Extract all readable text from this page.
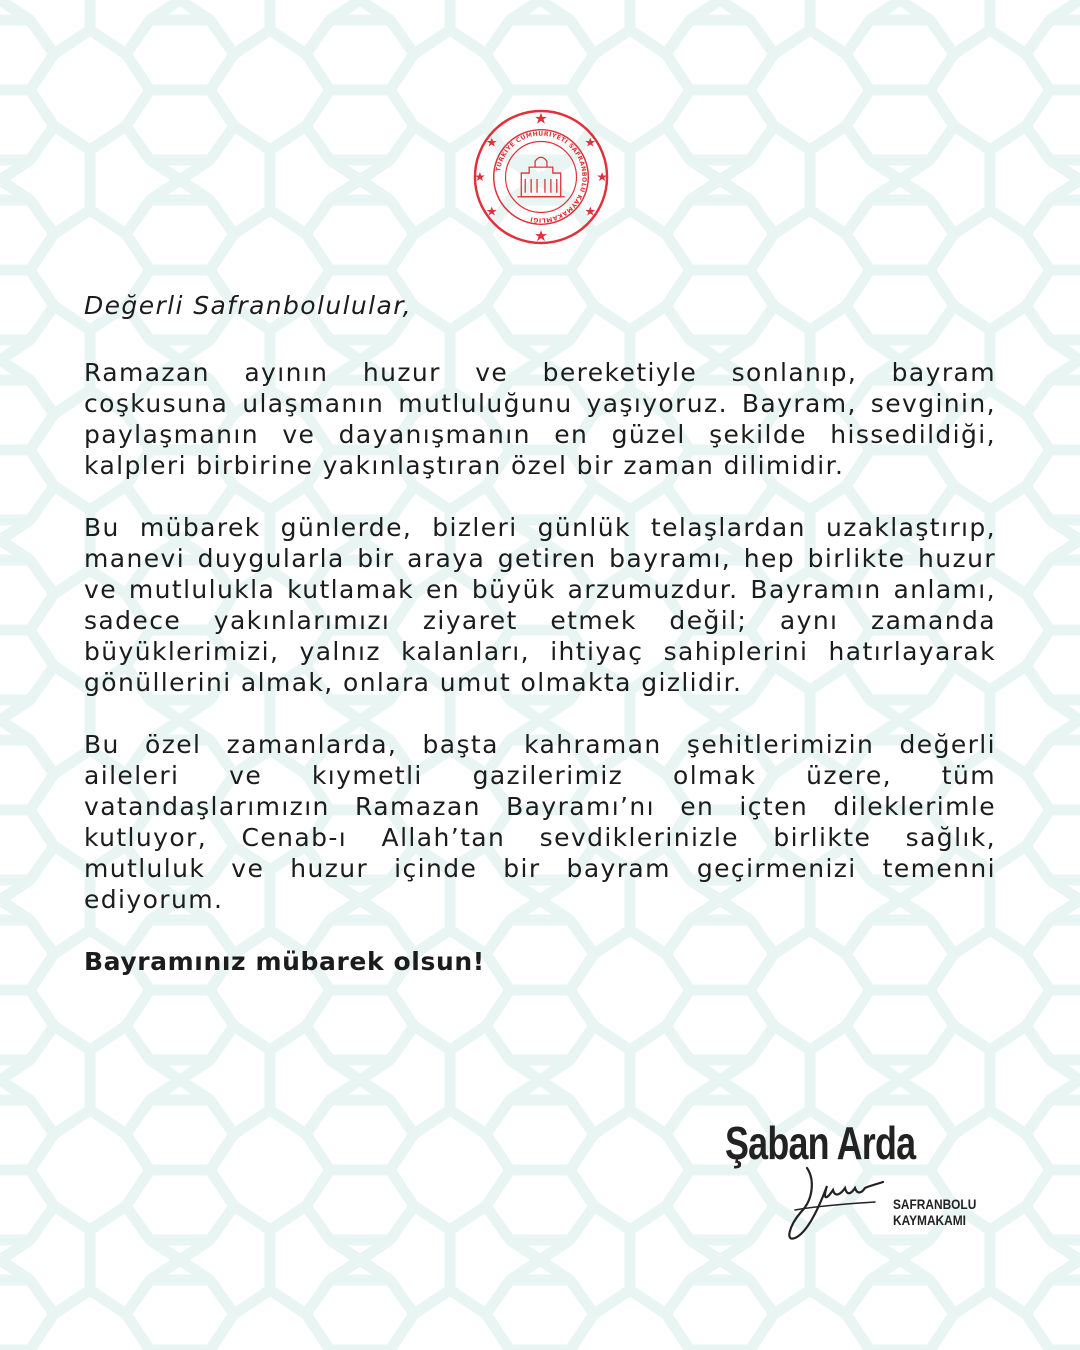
·
TÜRKİYE CUMHURİYETİ SAFRANBOLU KAYMAKAMLIĞI

Değerli Safranbolulular,

Ramazan ayının huzur ve bereketiyle sonlanıp, bayram coşkusuna ulaşmanın mutluluğunu yaşıyoruz. Bayram, sevginin, paylaşmanın ve dayanışmanın en güzel şekilde hissedildiği, kalpleri birbirine yakınlaştıran özel bir zaman dilimidir.

Bu mübarek günlerde, bizleri günlük telaşlardan uzaklaştırıp, manevi duygularla bir araya getiren bayramı, hep birlikte huzur ve mutlulukla kutlamak en büyük arzumuzdur. Bayramın anlamı, sadece yakınlarımızı ziyaret etmek değil; aynı zamanda büyüklerimizi, yalnız kalanları, ihtiyaç sahiplerini hatırlayarak gönüllerini almak, onlara umut olmakta gizlidir.

Bu özel zamanlarda, başta kahraman şehitlerimizin değerli aileleri ve kıymetli gazilerimiz olmak üzere, tüm vatandaşlarımızın Ramazan Bayramı’nı en içten dileklerimle kutluyor, Cenab-ı Allah’tan sevdiklerinizle birlikte sağlık, mutluluk ve huzur içinde bir bayram geçirmenizi temenni ediyorum.

Bayramınız mübarek olsun!

Şaban Arda
SAFRANBOLU
KAYMAKAMI
